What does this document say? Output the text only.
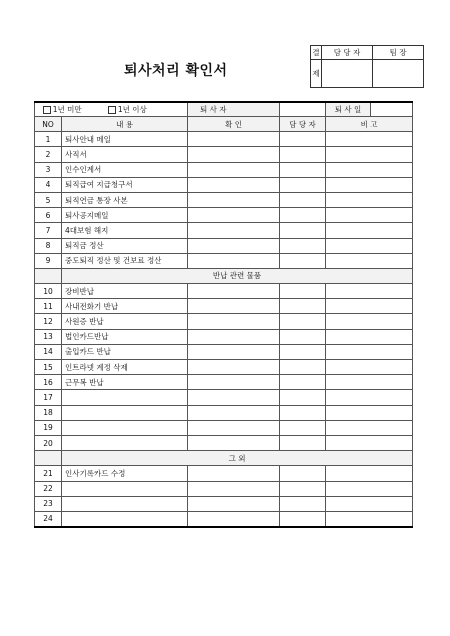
퇴사처리 확인서
결	담 당 자	팀 장
제		
1년 미만 1년 이상		퇴 사 자		퇴 사 일

NO	내 용	확 인	담 당 자	비 고
1	퇴사안내 메일			
2	사직서			
3	인수인계서			
4	퇴직급여 지급청구서			
5	퇴직연금 통장 사본			
6	퇴사공지메일			
7	4대보험 해지			
8	퇴직금 정산			
9	중도퇴직 정산 및 건보료 정산			
	반납 관련 물품			
10	장비반납			
11	사내전화기 반납			
12	사원증 반납			
13	법인카드반납			
14	출입카드 반납			
15	인트라넷 계정 삭제			
16	근무복 반납			
17				
18				
19				
20				
	그 외			
21	인사기록카드 수정			
22				
23				
24				
